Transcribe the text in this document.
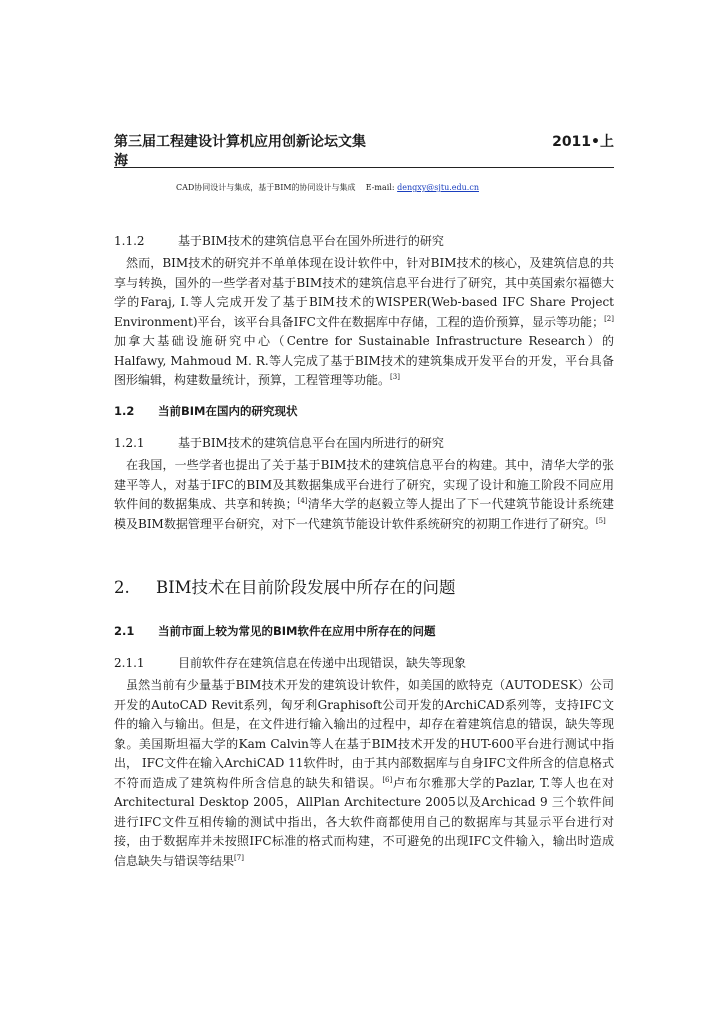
第三届工程建设计算机应用创新论坛文集	2011•上
海
CAD协同设计与集成，基于BIM的协同设计与集成 E-mail: dengxy@sjtu.edu.cn
1.1.2	基于BIM技术的建筑信息平台在国外所进行的研究

然而，BIM技术的研究并不单单体现在设计软件中，针对BIM技术的核心，及建筑信息的共享与转换，国外的一些学者对基于BIM技术的建筑信息平台进行了研究，其中英国索尔福德大学的Faraj, I.等人完成开发了基于BIM技术的WISPER(Web-based IFC Share Project Environment)平台，该平台具备IFC文件在数据库中存储，工程的造价预算，显示等功能；[2]加拿大基础设施研究中心（Centre for Sustainable Infrastructure Research）的Halfawy, Mahmoud M. R.等人完成了基于BIM技术的建筑集成开发平台的开发，平台具备图形编辑，构建数量统计，预算，工程管理等功能。[3]

1.2 当前BIM在国内的研究现状
1.2.1	基于BIM技术的建筑信息平台在国内所进行的研究

在我国，一些学者也提出了关于基于BIM技术的建筑信息平台的构建。其中，清华大学的张建平等人，对基于IFC的BIM及其数据集成平台进行了研究，实现了设计和施工阶段不同应用软件间的数据集成、共享和转换；[4]清华大学的赵毅立等人提出了下一代建筑节能设计系统建模及BIM数据管理平台研究，对下一代建筑节能设计软件系统研究的初期工作进行了研究。[5]

2. BIM技术在目前阶段发展中所存在的问题
2.1 当前市面上较为常见的BIM软件在应用中所存在的问题
2.1.1	目前软件存在建筑信息在传递中出现错误，缺失等现象

虽然当前有少量基于BIM技术开发的建筑设计软件，如美国的欧特克（AUTODESK）公司开发的AutoCAD Revit系列，匈牙利Graphisoft公司开发的ArchiCAD系列等，支持IFC文件的输入与输出。但是，在文件进行输入输出的过程中，却存在着建筑信息的错误，缺失等现象。美国斯坦福大学的Kam Calvin等人在基于BIM技术开发的HUT-600平台进行测试中指出， IFC文件在输入ArchiCAD 11软件时，由于其内部数据库与自身IFC文件所含的信息格式不符而造成了建筑构件所含信息的缺失和错误。[6]卢布尔雅那大学的Pazlar, T.等人也在对Architectural Desktop 2005，AllPlan Architecture 2005以及Archicad 9 三个软件间进行IFC文件互相传输的测试中指出，各大软件商都使用自己的数据库与其显示平台进行对接，由于数据库并未按照IFC标准的格式而构建，不可避免的出现IFC文件输入，输出时造成信息缺失与错误等结果[7]
